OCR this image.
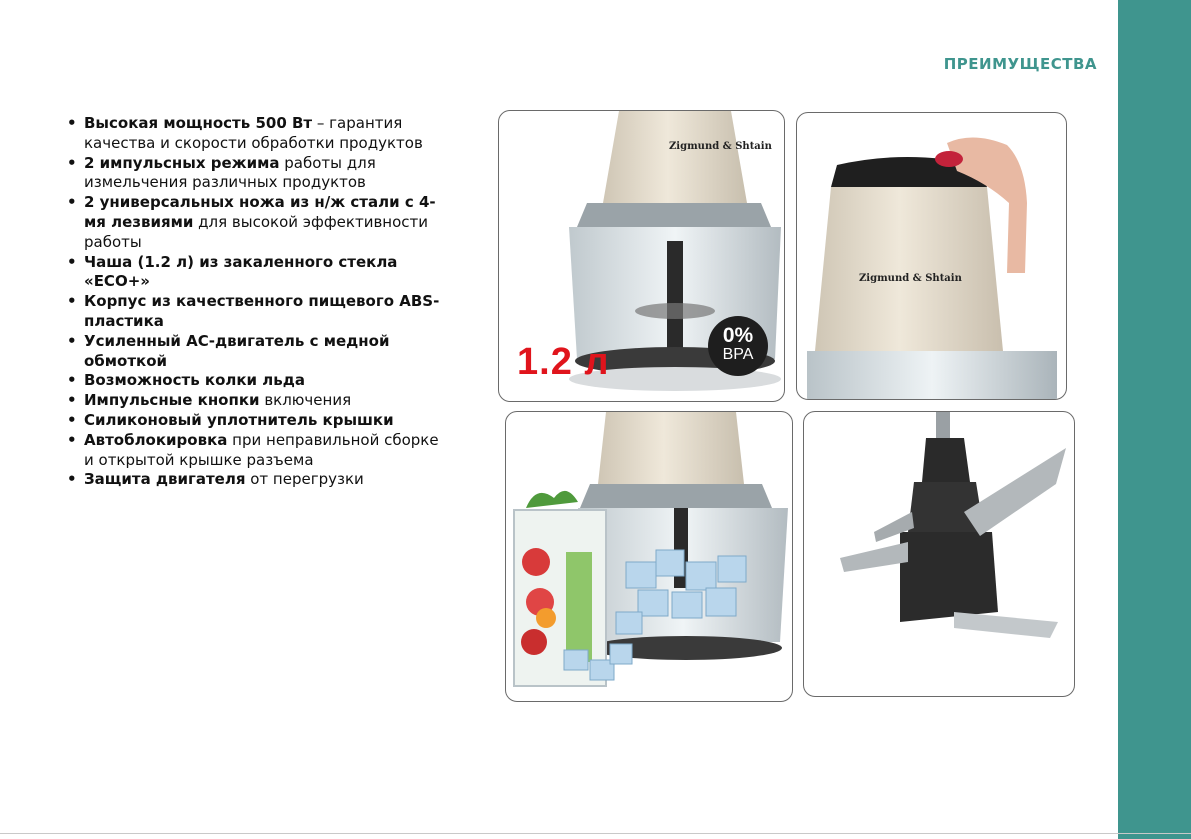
ПРЕИМУЩЕСТВА
• Высокая мощность 500 Вт – гарантия качества и скорости обработки продуктов
• 2 импульсных режима работы для измельчения различных продуктов
• 2 универсальных ножа из н/ж стали с 4-мя лезвиями для высокой эффективности работы
• Чаша (1.2 л) из закаленного стекла «ECO+»
• Корпус из качественного пищевого ABS-пластика
• Усиленный АС-двигатель с медной обмоткой
• Возможность колки льда
• Импульсные кнопки включения
• Силиконовый уплотнитель крышки
• Автоблокировка при неправильной сборке и открытой крышке разъема
• Защита двигателя от перегрузки
Zigmund & Shtain
1.2 л
0%
BPA
Zigmund & Shtain
